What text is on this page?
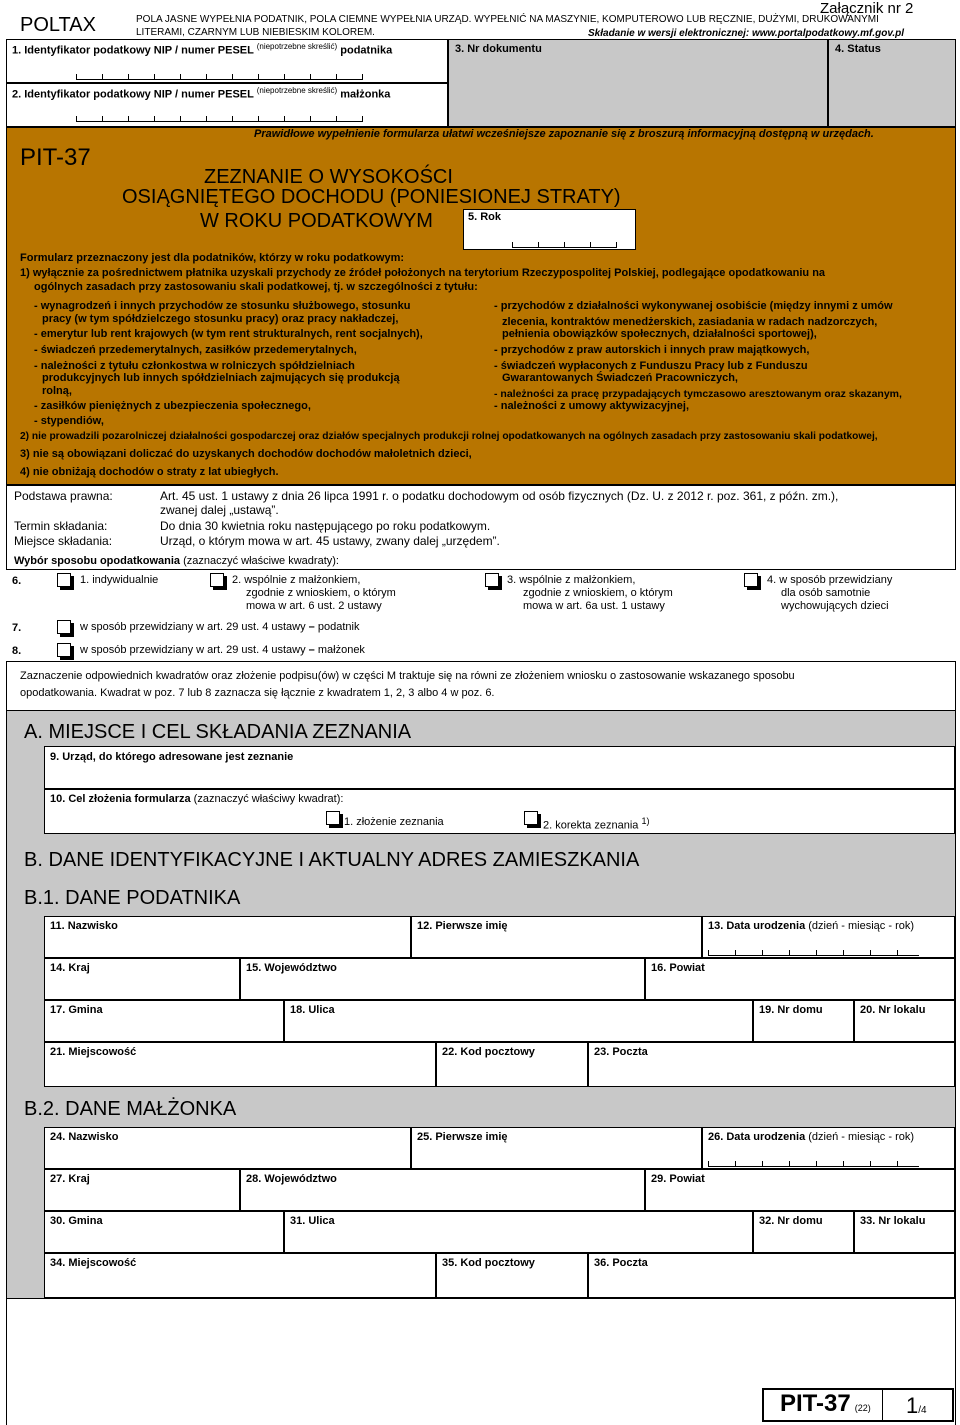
POLTAX
Załącznik nr 2
POLA JASNE WYPEŁNIA PODATNIK, POLA CIEMNE WYPEŁNIA URZĄD. WYPEŁNIĆ NA MASZYNIE, KOMPUTEROWO LUB RĘCZNIE, DUŻYMI, DRUKOWANYMI
LITERAMI, CZARNYM LUB NIEBIESKIM KOLOREM.	Składanie w wersji elektronicznej: www.portalpodatkowy.mf.gov.pl
1. Identyfikator podatkowy NIP / numer PESEL $^{(niepotrzebne skreślić)}$ podatnika
2. Identyfikator podatkowy NIP / numer PESEL $^{(niepotrzebne skreślić)}$ małżonka
3. Nr dokumentu	4. Status
PIT-37
Prawidłowe wypełnienie formularza ułatwi wcześniejsze zapoznanie się z broszurą informacyjną dostępną w urzędach.
ZEZNANIE O WYSOKOŚCI
OSIĄGNIĘTEGO DOCHODU (PONIESIONEJ STRATY)
W ROKU PODATKOWYM	5. Rok
Formularz przeznaczony jest dla podatników, którzy w roku podatkowym:
1) wyłącznie za pośrednictwem płatnika uzyskali przychody ze źródeł położonych na terytorium Rzeczypospolitej Polskiej, podlegające opodatkowaniu na
ogólnych zasadach przy zastosowaniu skali podatkowej, tj. w szczególności z tytułu:
- wynagrodzeń i innych przychodów ze stosunku służbowego, stosunku
pracy (w tym spółdzielczego stosunku pracy) oraz pracy nakładczej,
- emerytur lub rent krajowych (w tym rent strukturalnych, rent socjalnych),
- świadczeń przedemerytalnych, zasiłków przedemerytalnych,
- należności z tytułu członkostwa w rolniczych spółdzielniach
produkcyjnych lub innych spółdzielniach zajmujących się produkcją
rolną,
- zasiłków pieniężnych z ubezpieczenia społecznego,
- stypendiów,
- przychodów z działalności wykonywanej osobiście (między innymi z umów
zlecenia, kontraktów menedżerskich, zasiadania w radach nadzorczych,
pełnienia obowiązków społecznych, działalności sportowej),
- przychodów z praw autorskich i innych praw majątkowych,
- świadczeń wypłaconych z Funduszu Pracy lub z Funduszu
Gwarantowanych Świadczeń Pracowniczych,
- należności za pracę przypadających tymczasowo aresztowanym oraz skazanym,
- należności z umowy aktywizacyjnej,
2) nie prowadzili pozarolniczej działalności gospodarczej oraz działów specjalnych produkcji rolnej opodatkowanych na ogólnych zasadach przy zastosowaniu skali podatkowej,
3) nie są obowiązani doliczać do uzyskanych dochodów dochodów małoletnich dzieci,
4) nie obniżają dochodów o straty z lat ubiegłych.
Podstawa prawna:	Art. 45 ust. 1 ustawy z dnia 26 lipca 1991 r. o podatku dochodowym od osób fizycznych (Dz. U. z 2012 r. poz. 361, z późn. zm.),
zwanej dalej „ustawą”.
Termin składania:	Do dnia 30 kwietnia roku następującego po roku podatkowym.
Miejsce składania:	Urząd, o którym mowa w art. 45 ustawy, zwany dalej „urzędem”.
Wybór sposobu opodatkowania (zaznaczyć właściwe kwadraty):
6.	1. indywidualnie	2. wspólnie z małżonkiem,
zgodnie z wnioskiem, o którym
mowa w art. 6 ust. 2 ustawy
3. wspólnie z małżonkiem,
zgodnie z wnioskiem, o którym
mowa w art. 6a ust. 1 ustawy
4. w sposób przewidziany
dla osób samotnie
wychowujących dzieci
7.	w sposób przewidziany w art. 29 ust. 4 ustawy – podatnik
8.	w sposób przewidziany w art. 29 ust. 4 ustawy – małżonek
Zaznaczenie odpowiednich kwadratów oraz złożenie podpisu(ów) w części M traktuje się na równi ze złożeniem wniosku o zastosowanie wskazanego sposobu
opodatkowania. Kwadrat w poz. 7 lub 8 zaznacza się łącznie z kwadratem 1, 2, 3 albo 4 w poz. 6.
A. MIEJSCE I CEL SKŁADANIA ZEZNANIA
9. Urząd, do którego adresowane jest zeznanie
10. Cel złożenia formularza (zaznaczyć właściwy kwadrat):
1. złożenie zeznania	2. korekta zeznania $^{1)}$
B. DANE IDENTYFIKACYJNE I AKTUALNY ADRES ZAMIESZKANIA
B.1. DANE PODATNIKA
11. Nazwisko	12. Pierwsze imię	13. Data urodzenia (dzień - miesiąc - rok)
14. Kraj	15. Województwo	16. Powiat
17. Gmina	18. Ulica	19. Nr domu	20. Nr lokalu
21. Miejscowość	22. Kod pocztowy	23. Poczta
B.2. DANE MAŁŻONKA
24. Nazwisko	25. Pierwsze imię	26. Data urodzenia (dzień - miesiąc - rok)
27. Kraj	28. Województwo	29. Powiat
30. Gmina	31. Ulica	32. Nr domu	33. Nr lokalu
34. Miejscowość	35. Kod pocztowy	36. Poczta
PIT-37 (22) 1/4
